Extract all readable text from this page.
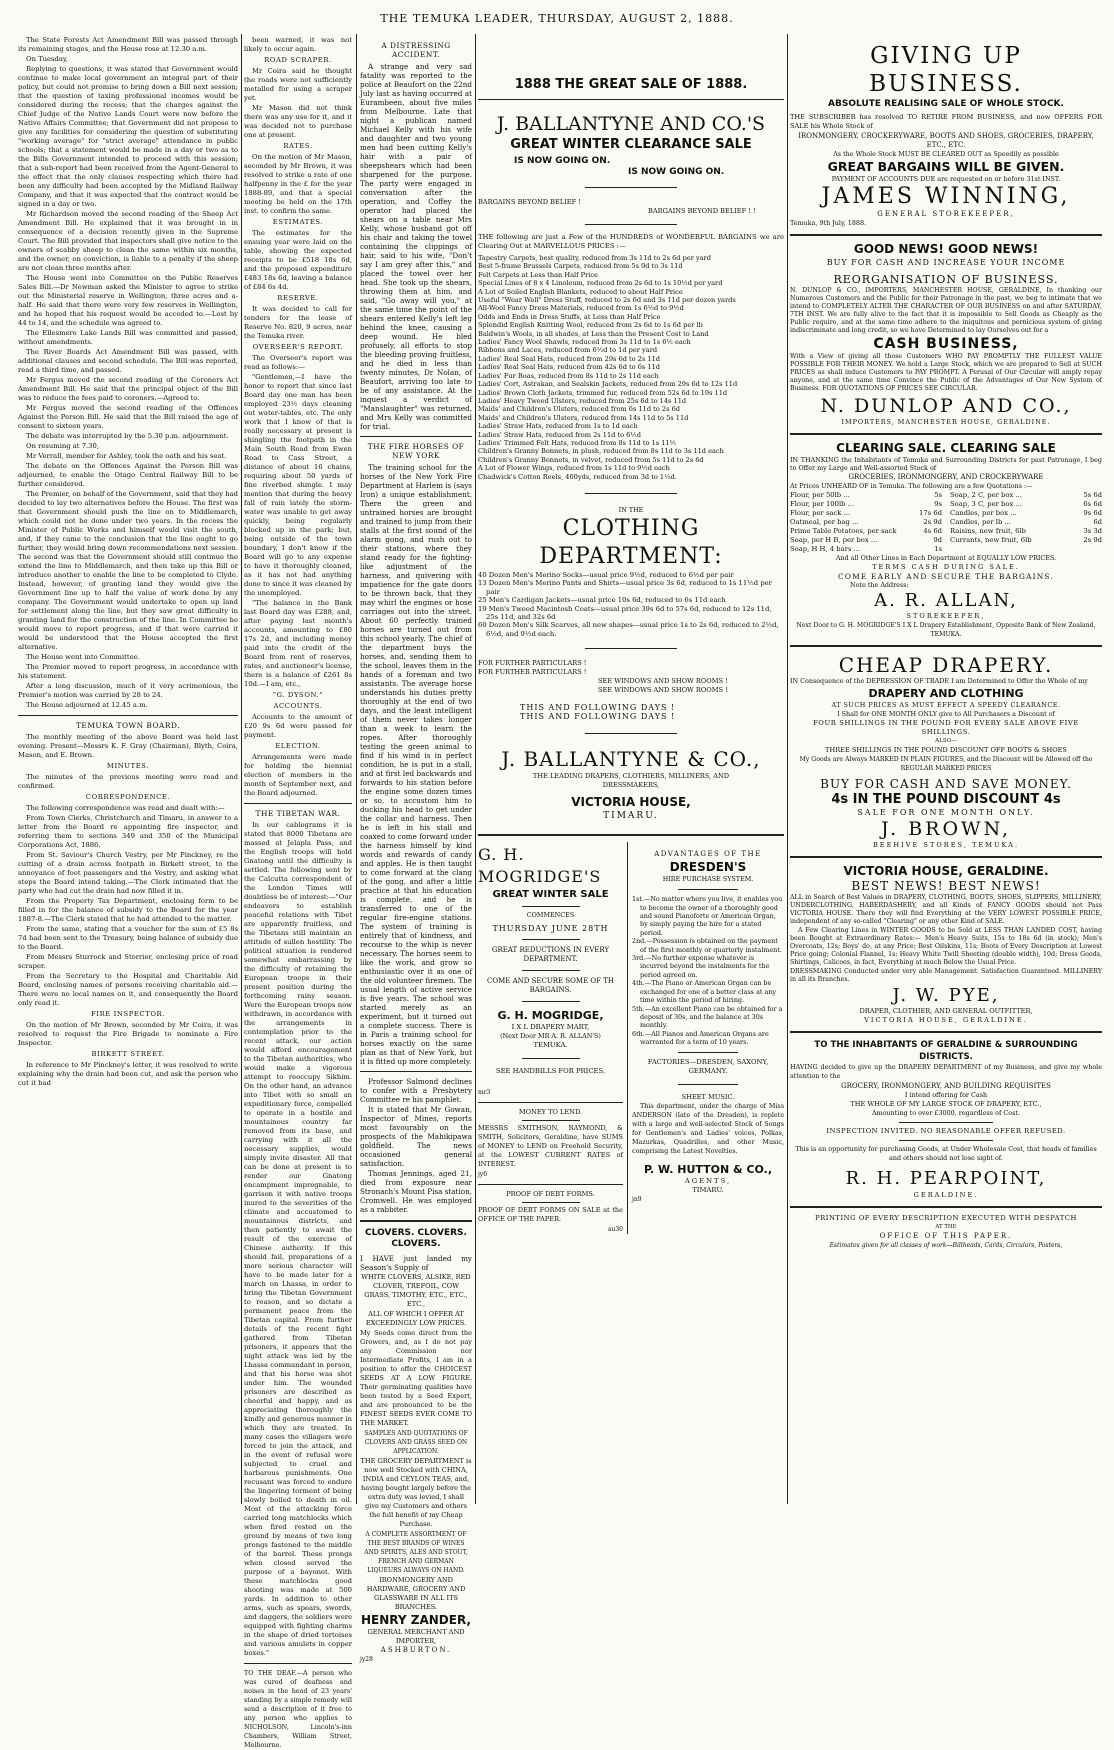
THE TEMUKA LEADER, THURSDAY, AUGUST 2, 1888.

The State Forests Act Amendment Bill was passed through its remaining stages, and the House rose at 12.30 a.m.

On Tuesday,

Replying to questions, it was stated that Government would continue to make local government an integral part of their policy, but could not promise to bring down a Bill next session; that the question of taxing professional incomes would be considered during the recess; that the charges against the Chief Judge of the Native Lands Court were now before the Native Affairs Committee; that Government did not propose to give any facilities for considering the question of substituting "working average" for "strict average" attendance in public schools; that a statement would be made in a day or two as to the Bills Government intended to proceed with this session; that a sub-report had been received from the Agent-General to the effect that the only clauses respecting which there had been any difficulty had been accepted by the Midland Railway Company, and that it was expected that the contract would be signed in a day or two.

Mr Richardson moved the second reading of the Sheep Act Amendment Bill. He explained that it was brought in in consequence of a decision recently given in the Supreme Court. The Bill provided that inspectors shall give notice to the owners of scabby sheep to clean the same within six months, and the owner, on conviction, is liable to a penalty if the sheep are not clean three months after.

The House went into Committee on the Public Reserves Sales Bill.—Dr Newman asked the Minister to agree to strike out the Ministerial reserve in Wellington, three acres and a-half. He said that there were very few reserves in Wellington, and he hoped that his request would be acceded to.—Lost by 44 to 14, and the schedule was agreed to.

The Ellesmere Lake Lands Bill was committed and passed, without amendments.

The River Boards Act Amendment Bill was passed, with additional clauses and second schedule. The Bill was reported, read a third time, and passed.

Mr Fergus moved the second reading of the Coroners Act Amendment Bill. He said that the principal object of the Bill was to reduce the fees paid to coroners.—Agreed to.

Mr Fergus moved the second reading of the Offences Against the Person Bill. He said that the Bill raised the age of consent to sixteen years.

The debate was interrupted by the 5.30 p.m. adjournment.

On resuming at 7.30,

Mr Verrall, member for Ashley, took the oath and his seat.

The debate on the Offences Against the Person Bill was adjourned, to enable the Otago Central Railway Bill to be further considered.

The Premier, on behalf of the Government, said that they had decided to lay two alternatives before the House. The first was that Government should push the line on to Middlemarch, which could not be done under two years. In the recess the Minister of Public Works and himself would visit the south, and, if they came to the conclusion that the line ought to go further, they would bring down recommendations next session. The second was that the Government should still continue the extend the line to Middlemarch, and then take up this Bill or introduce another to enable the line to be completed to Clyde. Instead, however, of granting land they would give the Government line up to half the value of work done by any company. The Government would undertake to open up land for settlement along the line, but they saw great difficulty in granting land for the construction of the line. In Committee he would move to report progress, and if that were carried it would be understood that the House accepted the first alternative.

The House went into Committee.

The Premier moved to report progress, in accordance with his statement.

After a long discussion, much of it very acrimonious, the Premier's motion was carried by 28 to 24.

The House adjourned at 12.45 a.m.

TEMUKA TOWN BOARD.

The monthly meeting of the above Board was held last evening. Present—Messrs K. F. Gray (Chairman), Blyth, Coira, Mason, and E. Brown.

MINUTES.

The minutes of the previous meeting were read and confirmed.

CORRESPONDENCE.

The following correspondence was read and dealt with:—

From Town Clerks, Christchurch and Timaru, in answer to a letter from the Board re appointing fire inspector, and referring them to sections 349 and 350 of the Municipal Corporations Act, 1886.

From St. Saviour's Church Vestry, per Mr Pinckney, re the cutting of a drain across footpath in Birkett street, to the annoyance of foot passengers and the Vestry, and asking what steps the Board intend taking.—The Clerk intimated that the party who had cut the drain had now filled it in.

From the Property Tax Department, enclosing form to be filled in for the balance of subsidy to the Board for the year 1887-8.—The Clerk stated that he had attended to the matter.

From the same, stating that a voucher for the sum of £5 8s 7d had been sent to the Treasury, being balance of subsidy due to the Board.

From Messrs Sturrock and Storrier, enclosing price of road scraper.

From the Secretary to the Hospital and Charitable Aid Board, enclosing names of persons receiving charitable aid.—There were no local names on it, and consequently the Board only read it.

FIRE INSPECTOR.

On the motion of Mr Brown, seconded by Mr Coira, it was resolved to request the Fire Brigade to nominate a Fire Inspector.

BIRKETT STREET.

In reference to Mr Pinckney's letter, it was resolved to write explaining why the drain had been cut, and ask the person who cut it had

been warned, it was not likely to occur again.

ROAD SCRAPER.

Mr Coira said he thought the roads were not sufficiently metalled for using a scraper yet.

Mr Mason did not think there was any use for it, and it was decided not to purchase one at present.

RATES.

On the motion of Mr Mason, seconded by Mr Brown, it was resolved to strike a rate of one halfpenny in the £ for the year 1888-89, and that a special meeting be held on the 17th inst. to confirm the same.

ESTIMATES.

The estimates for the ensuing year were laid on the table, showing the expected receipts to be £518 18s 6d, and the proposed expenditure £483 18s 6d, leaving a balance of £84 6s 4d.

RESERVE.

It was decided to call for tenders for the lease of Reserve No. 820, 9 acres, near the Temuka river.

OVERSEER'S REPORT.

The Overseer's report was read as follows:—

"Gentlemen,—I have the honor to report that since last Board day one man has been employed 23½ days cleaning out water-tables, etc. The only work that I know of that is really necessary at present is shingling the footpath in the Main South Road from Ewen Road to Cass Street, a distance of about 16 chains, requiring about 50 yards of fine riverbed shingle. I may mention that during the heavy fall of rain lately the storm-water was unable to get away quickly, being regularly blocked up in the park; but, being outside of the town boundary, I don't know if the Board will go to any expense to have it thoroughly cleaned, as it has not had anything done to since it was cleaned by the unemployed.

"The balance in the Bank last Board day was £288, and, after paying last month's accounts, amounting to £80 17s 2d, and including money paid into the credit of the Board from rent of reserves, rates, and auctioneer's license, there is a balance of £261 8s 10d.—I am, etc.,

"G. DYSON."

ACCOUNTS.

Accounts to the amount of £20 9s 6d were passed for payment.

ELECTION.

Arrangements were made for holding the biennial election of members in the month of September next, and the Board adjourned.

THE TIBETAN WAR.

In our cablegrams it is stated that 8000 Tibetans are massed at Jelapla Pass, and the English troops will hold Gnatong until the difficulty is settled. The following sent by the Calcutta correspondent of the London Times will doubtless be of interest:—"Our endeavors to establish peaceful relations with Tibet are apparently fruitless, and the Tibetans still maintain an attitude of sullen hostility. The political situation is rendered somewhat embarrassing by the difficulty of retaining the European troops in their present position during the forthcoming rainy season. Were the European troops now withdrawn, in accordance with the arrangements in contemplation prior to the recent attack, our action would afford encouragement to the Tibetan authorities, who would make a vigorous attempt to reoccupy Sikhim. On the other hand, an advance into Tibet with so small an expeditionary force, compelled to operate in a hostile and mountainous country far removed from its base, and carrying with it all the necessary supplies, would simply invite disaster. All that can be done at present is to render our Gnatong encampment impregnable, to garrison it with native troops inured to the severities of the climate and accustomed to mountainous districts, and then patiently to await the result of the exercise of Chinese authority. If this should fail, preparations of a more serious character will have to be made later for a march on Lhassa, in order to bring the Tibetan Government to reason, and so dictate a permanent peace from the Tibetan capital. From further details of the recent fight gathered from Tibetan prisoners, it appears that the night attack was led by the Lhassa commandant in person, and that his horse was shot under him. The wounded prisoners are described as cheerful and happy, and as appreciating thoroughly the kindly and generous manner in which they are treated. In many cases the villagers were forced to join the attack, and in the event of refusal were subjected to cruel and barbarous punishments. One recusant was forced to endure the lingering torment of being slowly boiled to death in oil. Most of the attacking force carried long matchlocks which when fired rested on the ground by means of two long prongs fastened to the middle of the barrel. These prongs when closed served the purpose of a bayonet. With these matchlocks good shooting was made at 500 yards. In addition to other arms, such as spears, swords, and daggers, the soldiers were equipped with fighting charms in the shape of dried tortoises and various amulets in copper boxes."

TO THE DEAF.—A person who was cured of deafness and noises in the head of 23 years' standing by a simple remedy will send a description of it free to any person who applies to NICHOLSON, Lincoln's-inn Chambers, William Street, Melbourne.

A DISTRESSING ACCIDENT.

A strange and very sad fatality was reported to the police at Beaufort on the 22nd July last as having occurred at Eurambeen, about five miles from Melbourne. Late that night a publican named Michael Kelly with his wife and daughter and two young men had been cutting Kelly's hair with a pair of sheepshears which had been sharpened for the purpose. The party were engaged in conversation after the operation, and Coffey the operator had placed the shears on a table near Mrs Kelly, whose husband got off his chair and taking the towel containing the clippings of hair, said to his wife, "Don't say I am grey after this," and placed the towel over her head. She took up the shears, throwing them at him, and said, "Go away will you," at the same time the point of the shears entered Kelly's left leg behind the knee, causing a deep wound. He bled profusely, all efforts to stop the bleeding proving fruitless, and he died in less than twenty minutes, Dr Nolan, of Beaufort, arriving too late to be of any assistance. At the inquest a verdict of "Manslaughter" was returned, and Mrs Kelly was committed for trial.

THE FIRE HORSES OF NEW YORK

The training school for the horses of the New York Fire Department at Harlem is (says Iron) a unique establishment. There the green and untrained horses are brought and trained to jump from their stalls at the first sound of the alarm gong, and rush out to their stations, where they stand ready for the fighting-like adjustment of the harness, and quivering with impatience for the gate doors to be thrown back, that they may whirl the engines or hose carriages out into the street. About 60 perfectly trained horses are turned out from this school yearly. The chief of the department buys the horses, and, sending them to the school, leaves them in the hands of a foreman and two assistants. The average horse understands his duties pretty thoroughly at the end of two days, and the least intelligent of them never takes longer than a week to learn the ropes. After thoroughly testing the green animal to find if his wind is in perfect condition, he is put in a stall, and at first led backwards and forwards to his station before the engine some dozen times or so, to accustom him to ducking his head to get under the collar and harness. Then he is left in his stall and coaxed to come forward under the harness himself by kind words and rewards of candy and apples. He is then taught to come forward at the clang of the gong, and after a little practice at that his education is complete, and he is transferred to one of the regular fire-engine stations. The system of training is entirely that of kindness, and recourse to the whip is never necessary. The horses seem to like the work, and grow so enthusiastic over it as one of the old volunteer firemen. The usual length of active service is five years. The school was started merely as an experiment, but it turned out a complete success. There is in Paris a training school for horses exactly on the same plan as that of New York, but it is fitted up more completely.

Professor Salmond declines to confer with a Presbytery Committee re his pamphlet.

It is stated that Mr Gowan, Inspector of Mines, reports most favourably on the prospects of the Mahikipawa goldfield. The news occasioned general satisfaction.

Thomas Jennings, aged 21, died from exposure near Stronach's Mount Pisa station, Cromwell. He was employed as a rabbiter.

CLOVERS. CLOVERS. CLOVERS.

I HAVE just landed my Season's Supply of

WHITE CLOVERS, ALSIKE, RED CLOVER, TREFOIL, COW GRASS, TIMOTHY, ETC., ETC., ETC.,

ALL OF WHICH I OFFER AT EXCEEDINGLY LOW PRICES.

My Seeds come direct from the Growers, and, as I do not pay any Commission nor Intermediate Profits, I am in a position to offer the CHOICEST SEEDS AT A LOW FIGURE. Their germinating qualities have been tested by a Seed Expert, and are pronounced to be the FINEST SEEDS EVER COME TO THE MARKET.

SAMPLES AND QUOTATIONS OF CLOVERS AND GRASS SEED ON APPLICATION.

THE GROCERY DEPARTMENT is now well Stocked with CHINA, INDIA and CEYLON TEAS, and, having bought largely before the extra duty was levied, I shall give my Customers and others the full benefit of my Cheap Purchase.

A COMPLETE ASSORTMENT OF THE BEST BRANDS OF WINES AND SPIRITS, ALES AND STOUT, FRENCH AND GERMAN LIQUEURS ALWAYS ON HAND.

IRONMONGERY AND HARDWARE, GROCERY AND GLASSWARE IN ALL ITS BRANCHES.

HENRY ZANDER,
GENERAL MERCHANT AND IMPORTER,
ASHBURTON.
jy28
1888 THE GREAT SALE OF 1888.
J. BALLANTYNE AND CO.'S
GREAT WINTER CLEARANCE SALE
IS NOW GOING ON.
IS NOW GOING ON.
BARGAINS BEYOND BELIEF !
BARGAINS BEYOND BELIEF ! !

THE following are just a Few of the HUNDREDS of WONDERFUL BARGAINS we are Clearing Out at MARVELLOUS PRICES :—

Tapestry Carpets, best quality, reduced from 3s 11d to 2s 6d per yard
Best 5-frame Brussels Carpets, reduced from 5s 9d to 3s 11d
Felt Carpets at Less than Half Price
Special Lines of 8 x 4 Linoleum, reduced from 2s 6d to 1s 10½d per yard
A Lot of Soiled English Blankets, reduced to about Half Price
Useful "Wear Well" Dress Stuff, reduced to 2s 6d and 3s 11d per dozen yards
All-Wool Fancy Dress Materials, reduced from 1s 6½d to 9½d
Odds and Ends in Dress Stuffs, at Less than Half Price
Splendid English Knitting Wool, reduced from 2s 6d to 1s 6d per lb
Baldwin's Wools, in all shades, at Less than the Present Cost to Land
Ladies' Fancy Wool Shawls, reduced from 3s 11d to 1s 6½ each
Ribbons and Laces, reduced from 6½d to 1d per yard
Ladies' Real Seal Hats, reduced from 29s 6d to 2s 11d
Ladies' Real Seal Hats, reduced from 42s 6d to 6s 11d
Ladies' Fur Boas, reduced from 8s 11d to 2s 11d each
Ladies' Cort, Astrakan, and Sealskin Jackets, reduced from 29s 6d to 12s 11d
Ladies' Brown Cloth Jackets, trimmed fur, reduced from 52s 6d to 19s 11d
Ladies' Heavy Tweed Ulsters, reduced from 25s 6d to 14s 11d
Maids' and Children's Ulsters, reduced from 6s 11d to 2s 6d
Maids' and Children's Ulsters, reduced from 14s 11d to 5s 11d
Ladies' Straw Hats, reduced from 1s to 1d each
Ladies' Straw Hats, reduced from 2s 11d to 6½d
Ladies' Trimmed Felt Hats, reduced from 8s 11d to 1s 11½
Children's Granny Bonnets, in plush, reduced from 8s 11d to 3s 11d each
Children's Granny Bonnets, in velvet, reduced from 5s 11d to 2s 6d
A Lot of Flower Wings, reduced from 1s 11d to 9½d each
Chadwick's Cotton Reels, 400yds, reduced from 3d to 1½d.
IN THE
CLOTHING DEPARTMENT:
40 Dozen Men's Merino Socks—usual price 9½d, reduced to 6½d per pair
13 Dozen Men's Merino Pants and Shirts—usual price 3s 6d, reduced to 1s 11½d per pair
25 Men's Cardigan Jackets—usual price 10s 6d, reduced to 6s 11d each
19 Men's Tweed Macintosh Coats—usual price 39s 6d to 57s 6d, reduced to 12s 11d, 25s 11d, and 32s 6d
60 Dozen Men's Silk Scarves, all new shapes—usual price 1s to 2s 6d, reduced to 2½d, 6½d, and 9½d each.
FOR FURTHER PARTICULARS !
FOR FURTHER PARTICULARS !
SEE WINDOWS AND SHOW ROOMS !
SEE WINDOWS AND SHOW ROOMS !
THIS AND FOLLOWING DAYS !
THIS AND FOLLOWING DAYS !
J. BALLANTYNE & CO.,
THE LEADING DRAPERS, CLOTHIERS, MILLINERS, AND DRESSMAKERS,
VICTORIA HOUSE,
TIMARU.
G. H. MOGRIDGE'S
GREAT WINTER SALE
COMMENCES
THURSDAY JUNE 28TH
GREAT REDUCTIONS IN EVERY DEPARTMENT.
COME AND SECURE SOME OF TH BARGAINS.
G. H. MOGRIDGE,
I X L DRAPERY MART,
(Next Door MR A. R. ALLAN'S)
TEMUKA.
SEE HANDBILLS FOR PRICES.
mr3
MONEY TO LEND.

MESSRS SMITHSON, RAYMOND, & SMITH, Solicitors, Geraldine, have SUMS of MONEY to LEND on Freehold Security, at the LOWEST CURRENT RATES of INTEREST.

jy6
PROOF OF DEBT FORMS.

PROOF OF DEBT FORMS ON SALE at the OFFICE OF THE PAPER.

au30
ADVANTAGES OF THE
DRESDEN'S
HIRE PURCHASE SYSTEM.
1st.—No matter where you live, it enables you to become the owner of a thoroughly good and sound Pianoforte or American Organ, by simply paying the hire for a stated period.
2nd.—Possession is obtained on the payment of the first monthly or quarterly instalment.
3rd.—No further expense whatever is incurred beyond the instalments for the period agreed on.
4th.—The Piano or American Organ can be exchanged for one of a better class at any time within the period of hiring.
5th.—An excellent Piano can be obtained for a deposit of 30s, and the balance at 30s monthly.
6th.—All Pianos and American Organs are warranted for a term of 10 years.
FACTORIES—DRESDEN, SAXONY, GERMANY.
SHEET MUSIC.

This department, under the charge of Miss ANDERSON (late of the Dresden), is replete with a large and well-selected Stock of Songs for Gentlemen's and Ladies' voices, Polkas, Mazurkas, Quadrilles, and other Music, comprising the Latest Novelties.

P. W. HUTTON & CO.,
AGENTS,
TIMARU.
jn9
GIVING UP BUSINESS.
ABSOLUTE REALISING SALE OF WHOLE STOCK.

THE SUBSCRIBER has resolved TO RETIRE FROM BUSINESS, and now OFFERS FOR SALE his Whole Stock of

IRONMONGERY, CROCKERYWARE, BOOTS AND SHOES, GROCERIES, DRAPERY, ETC., ETC.
As the Whole Stock MUST BE CLEARED OUT as Speedily as possible
GREAT BARGAINS WILL BE GIVEN.
PAYMENT OF ACCOUNTS DUE are requested on or before 31st INST.
JAMES WINNING,
GENERAL STOREKEEPER,
Temuka, 9th July, 1888.
GOOD NEWS! GOOD NEWS!
BUY FOR CASH AND INCREASE YOUR INCOME
REORGANISATION OF BUSINESS.

N. DUNLOP & CO., IMPORTERS, MANCHESTER HOUSE, GERALDINE, In thanking our Numerous Customers and the Public for their Patronage in the past, we beg to intimate that we intend to COMPLETELY ALTER THE CHARACTER OF OUR BUSINESS on and after SATURDAY, 7TH INST. We are fully alive to the fact that it is impossible to Sell Goods as Cheaply as the Public require, and at the same time adhere to the iniquitous and pernicious system of giving indiscriminate and long credit, so we have Determined to lay Ourselves out for a

CASH BUSINESS,

With a View of giving all those Customers WHO PAY PROMPTLY THE FULLEST VALUE POSSIBLE FOR THEIR MONEY. We hold a Large Stock, which we are prepared to Sell at SUCH PRICES as shall induce Customers to PAY PROMPT. A Perusal of Our Circular will amply repay anyone, and at the same time Convince the Public of the Advantages of Our New System of Business. FOR QUOTATIONS OF PRICES SEE CIRCULAR.

N. DUNLOP AND CO.,
IMPORTERS, MANCHESTER HOUSE, GERALDINE.
CLEARING SALE. CLEARING SALE

IN THANKING the Inhabitants of Temuka and Surrounding Districts for past Patronage, I beg to Offer my Large and Well-assorted Stock of

GROCERIES, IRONMONGERY, AND CROCKERYWARE
At Prices UNHEARD OF in Temuka. The following are a few Quotations :—
Flour, per 50lb ...	5s
Flour, per 100lb ...	9s
Flour, per sack ...	17s 6d
Oatmeal, per bag ...	2s 9d
Prime Table Potatoes, per sack	4s 6d
Soap, per H B, per box ...	9d
Soap, H H, 4 bars ...	1s
Soap, 2 C, per box ...	5s 6d
Soap, 3 C, per box ...	6s 6d
Candles, per box ...	9s 6d
Candles, per lb ...	6d
Raisins, new fruit, 6lb	3s 3d
Currants, new fruit, 6lb	2s 9d
And all Other Lines in Each Department at EQUALLY LOW PRICES.
TERMS CASH DURING SALE.
COME EARLY AND SECURE THE BARGAINS.
Note the Address:
A. R. ALLAN,
STOREKEEPER,
Next Door to G. H. MOGRIDGE'S I X L Drapery Establishment, Opposite Bank of New Zealand, TEMUKA.
CHEAP DRAPERY.

IN Consequence of the DEPRESSION OF TRADE I am Determined to Offer the Whole of my

DRAPERY AND CLOTHING
AT SUCH PRICES AS MUST EFFECT A SPEEDY CLEARANCE.
I Shall for ONE MONTH ONLY give to All Purchasers a Discount of
FOUR SHILLINGS IN THE POUND FOR EVERY SALE ABOVE FIVE SHILLINGS.
ALSO—
THREE SHILLINGS IN THE POUND DISCOUNT OFF BOOTS & SHOES
My Goods are Always MARKED IN PLAIN FIGURES, and the Discount will be Allowed off the REGULAR MARKED PRICES
BUY FOR CASH AND SAVE MONEY.
4s IN THE POUND DISCOUNT 4s
SALE FOR ONE MONTH ONLY.
J. BROWN,
BEEHIVE STORES, TEMUKA.
VICTORIA HOUSE, GERALDINE.
BEST NEWS! BEST NEWS!

ALL in Search of Best Values in DRAPERY, CLOTHING, BOOTS, SHOES, SLIPPERS, MILLINERY, UNDERCLOTHING, HABERDASHERY, and all Kinds of FANCY GOODS should not Pass VICTORIA HOUSE. There they will find Everything at the VERY LOWEST POSSIBLE PRICE, independent of any so-called "Clearing" or any other Kind of SALE.

A Few Clearing Lines in WINTER GOODS to be Sold at LESS THAN LANDED COST, having been Bought at Extraordinary Rates:— Men's Heavy Suits, 15s to 18s 6d (in stock); Men's Overcoats, 12s; Boys' do, at any Price; Best Oilskins, 11s; Boots of Every Description at Lowest Price going; Colonial Flannel, 1s; Heavy White Twill Sheeting (double width), 10d; Dress Goods, Shirtings, Calicoes, in fact, Everything at much Below the Usual Price.

DRESSMAKING Conducted under very able Management. Satisfaction Guaranteed. MILLINERY in all its Branches.

J. W. PYE,
DRAPER, CLOTHIER, AND GENERAL OUTFITTER,
VICTORIA HOUSE, GERALDINE.
TO THE INHABITANTS OF GERALDINE & SURROUNDING DISTRICTS.

HAVING decided to give up the DRAPERY DEPARTMENT of my Business, and give my whole attention to the

GROCERY, IRONMONGERY, AND BUILDING REQUISITES
I intend offering for Cash
THE WHOLE OF MY LARGE STOCK OF DRAPERY, ETC.,
Amounting to over £3000, regardless of Cost.
INSPECTION INVITED. NO REASONABLE OFFER REFUSED.

This is an opportunity for purchasing Goods, at Under Wholesale Cost, that heads of families and others should not lose sight of.

R. H. PEARPOINT,
GERALDINE.
PRINTING OF EVERY DESCRIPTION EXECUTED WITH DESPATCH
AT THE
OFFICE OF THIS PAPER.
Estimates given for all classes of work—Billheads, Cards, Circulars, Posters,
